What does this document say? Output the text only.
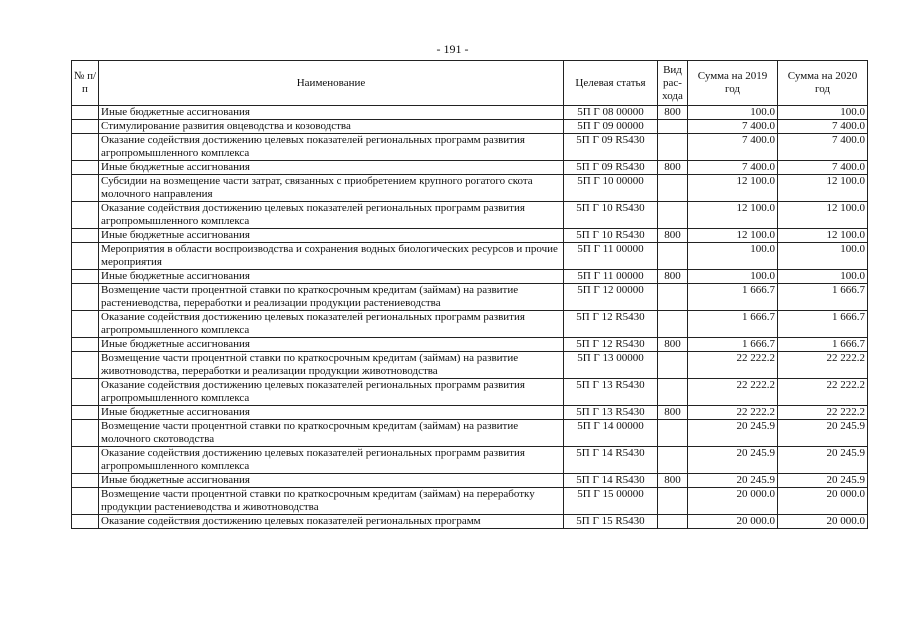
- 191 -
№ п/п	Наименование	Целевая статья	Вид рас-хода	Сумма на 2019 год	Сумма на 2020 год
	Иные бюджетные ассигнования	5П Г 08 00000	800	100.0	100.0
	Стимулирование развития овцеводства и козоводства	5П Г 09 00000		7 400.0	7 400.0
	Оказание содействия достижению целевых показателей региональных программ развития агропромышленного комплекса	5П Г 09 R5430		7 400.0	7 400.0
	Иные бюджетные ассигнования	5П Г 09 R5430	800	7 400.0	7 400.0
	Субсидии на возмещение части затрат, связанных с приобретением крупного рогатого скота молочного направления	5П Г 10 00000		12 100.0	12 100.0
	Оказание содействия достижению целевых показателей региональных программ развития агропромышленного комплекса	5П Г 10 R5430		12 100.0	12 100.0
	Иные бюджетные ассигнования	5П Г 10 R5430	800	12 100.0	12 100.0
	Мероприятия в области воспроизводства и сохранения водных биологических ресурсов и прочие мероприятия	5П Г 11 00000		100.0	100.0
	Иные бюджетные ассигнования	5П Г 11 00000	800	100.0	100.0
	Возмещение части процентной ставки по краткосрочным кредитам (займам) на развитие растениеводства, переработки и реализации продукции растениеводства	5П Г 12 00000		1 666.7	1 666.7
	Оказание содействия достижению целевых показателей региональных программ развития агропромышленного комплекса	5П Г 12 R5430		1 666.7	1 666.7
	Иные бюджетные ассигнования	5П Г 12 R5430	800	1 666.7	1 666.7
	Возмещение части процентной ставки по краткосрочным кредитам (займам) на развитие животноводства, переработки и реализации продукции животноводства	5П Г 13 00000		22 222.2	22 222.2
	Оказание содействия достижению целевых показателей региональных программ развития агропромышленного комплекса	5П Г 13 R5430		22 222.2	22 222.2
	Иные бюджетные ассигнования	5П Г 13 R5430	800	22 222.2	22 222.2
	Возмещение части процентной ставки по краткосрочным кредитам (займам) на развитие молочного скотоводства	5П Г 14 00000		20 245.9	20 245.9
	Оказание содействия достижению целевых показателей региональных программ развития агропромышленного комплекса	5П Г 14 R5430		20 245.9	20 245.9
	Иные бюджетные ассигнования	5П Г 14 R5430	800	20 245.9	20 245.9
	Возмещение части процентной ставки по краткосрочным кредитам (займам) на переработку продукции растениеводства и животноводства	5П Г 15 00000		20 000.0	20 000.0
	Оказание содействия достижению целевых показателей региональных программ	5П Г 15 R5430		20 000.0	20 000.0
